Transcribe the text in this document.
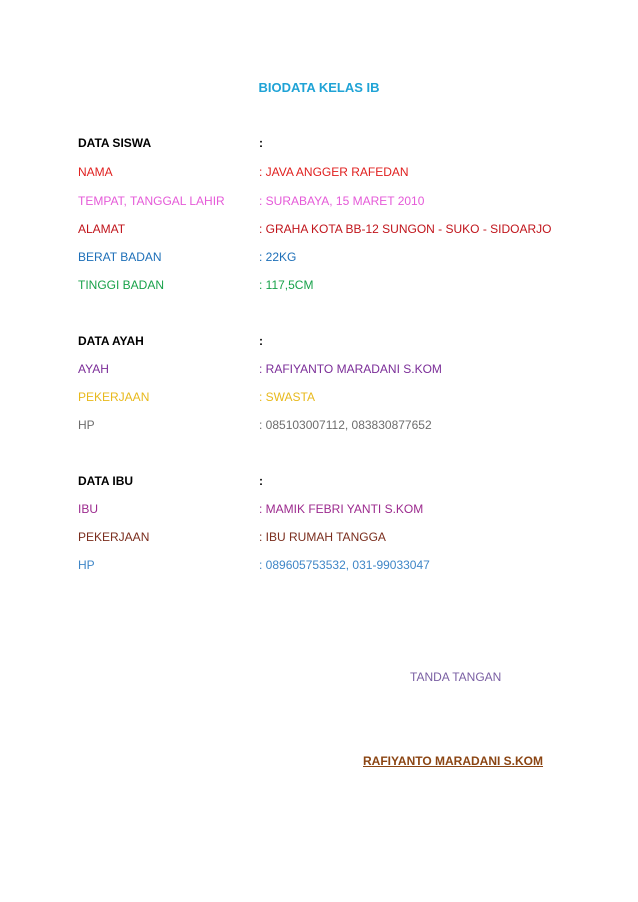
BIODATA KELAS IB
DATA SISWA	:
NAMA	: JAVA ANGGER RAFEDAN
TEMPAT, TANGGAL LAHIR	: SURABAYA, 15 MARET 2010
ALAMAT	: GRAHA KOTA BB-12 SUNGON - SUKO - SIDOARJO
BERAT BADAN	: 22KG
TINGGI BADAN	: 117,5CM
DATA AYAH	:
AYAH	: RAFIYANTO MARADANI S.KOM
PEKERJAAN	: SWASTA
HP	: 085103007112, 083830877652
DATA IBU	:
IBU	: MAMIK FEBRI YANTI S.KOM
PEKERJAAN	: IBU RUMAH TANGGA
HP	: 089605753532, 031-99033047
TANDA TANGAN
RAFIYANTO MARADANI S.KOM
